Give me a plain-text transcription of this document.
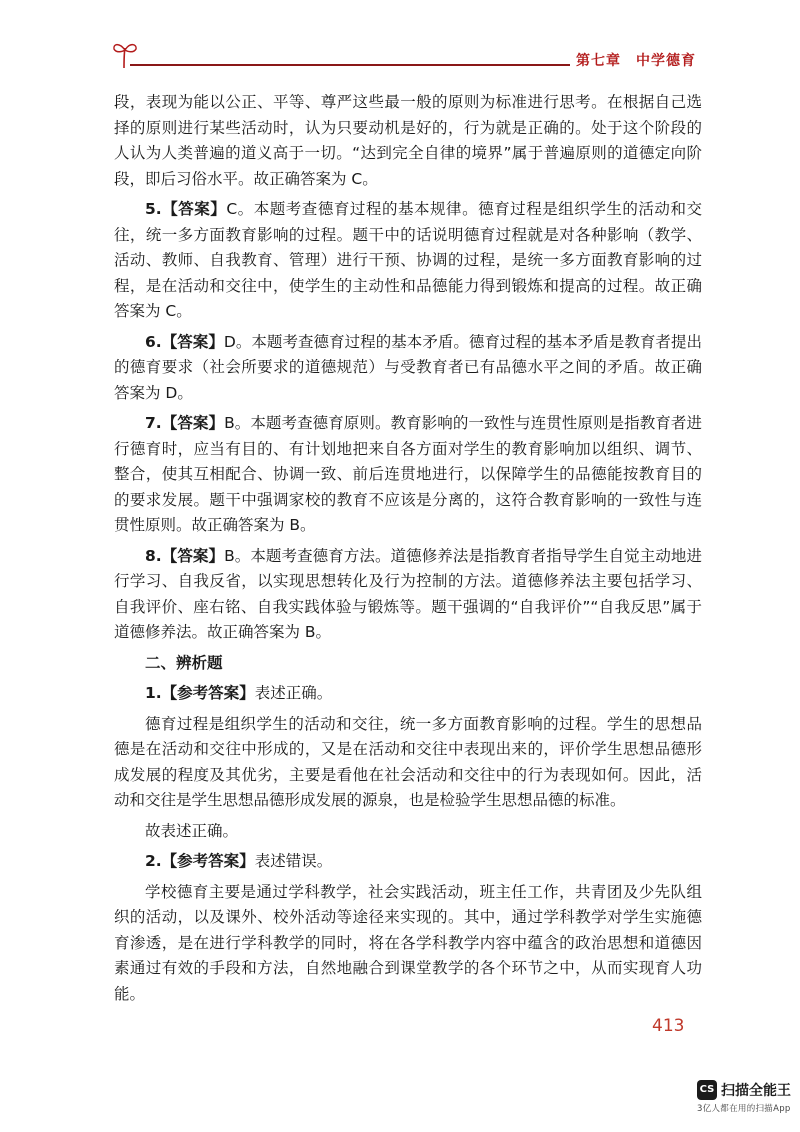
第七章　中学德育

段，表现为能以公正、平等、尊严这些最一般的原则为标准进行思考。在根据自己选择的原则进行某些活动时，认为只要动机是好的，行为就是正确的。处于这个阶段的人认为人类普遍的道义高于一切。“达到完全自律的境界”属于普遍原则的道德定向阶段，即后习俗水平。故正确答案为 C。

5.【答案】C。本题考查德育过程的基本规律。德育过程是组织学生的活动和交往，统一多方面教育影响的过程。题干中的话说明德育过程就是对各种影响（教学、活动、教师、自我教育、管理）进行干预、协调的过程，是统一多方面教育影响的过程，是在活动和交往中，使学生的主动性和品德能力得到锻炼和提高的过程。故正确答案为 C。

6.【答案】D。本题考查德育过程的基本矛盾。德育过程的基本矛盾是教育者提出的德育要求（社会所要求的道德规范）与受教育者已有品德水平之间的矛盾。故正确答案为 D。

7.【答案】B。本题考查德育原则。教育影响的一致性与连贯性原则是指教育者进行德育时，应当有目的、有计划地把来自各方面对学生的教育影响加以组织、调节、整合，使其互相配合、协调一致、前后连贯地进行，以保障学生的品德能按教育目的的要求发展。题干中强调家校的教育不应该是分离的，这符合教育影响的一致性与连贯性原则。故正确答案为 B。

8.【答案】B。本题考查德育方法。道德修养法是指教育者指导学生自觉主动地进行学习、自我反省，以实现思想转化及行为控制的方法。道德修养法主要包括学习、自我评价、座右铭、自我实践体验与锻炼等。题干强调的“自我评价”“自我反思”属于道德修养法。故正确答案为 B。

二、辨析题

1.【参考答案】表述正确。

德育过程是组织学生的活动和交往，统一多方面教育影响的过程。学生的思想品德是在活动和交往中形成的，又是在活动和交往中表现出来的，评价学生思想品德形成发展的程度及其优劣，主要是看他在社会活动和交往中的行为表现如何。因此，活动和交往是学生思想品德形成发展的源泉，也是检验学生思想品德的标准。

故表述正确。

2.【参考答案】表述错误。

学校德育主要是通过学科教学，社会实践活动，班主任工作，共青团及少先队组织的活动，以及课外、校外活动等途径来实现的。其中，通过学科教学对学生实施德育渗透，是在进行学科教学的同时，将在各学科教学内容中蕴含的政治思想和道德因素通过有效的手段和方法，自然地融合到课堂教学的各个环节之中，从而实现育人功能。

413
CS 扫描全能王
3亿人都在用的扫描App
